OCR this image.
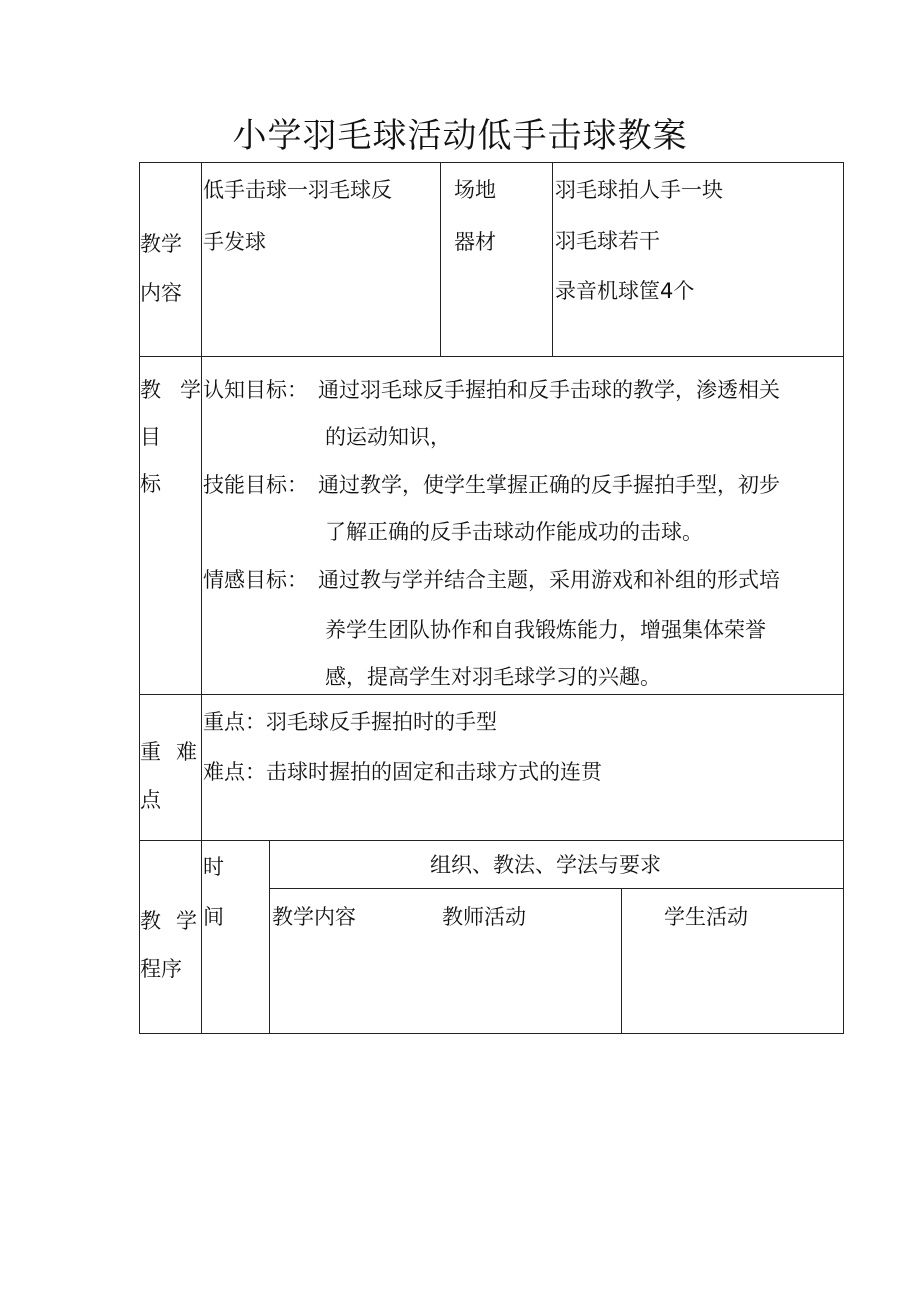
小学羽毛球活动低手击球教案
教学
内容
低手击球一羽毛球反
手发球
场地
器材
羽毛球拍人手一块
羽毛球若干
录音机球筐4个
教 学
目
标
认知目标： 通过羽毛球反手握拍和反手击球的教学，渗透相关
的运动知识，
技能目标： 通过教学，使学生掌握正确的反手握拍手型，初步
了解正确的反手击球动作能成功的击球。
情感目标： 通过教与学并结合主题，采用游戏和补组的形式培
养学生团队协作和自我锻炼能力，增强集体荣誉
感，提高学生对羽毛球学习的兴趣。
重 难
点
重点：羽毛球反手握拍时的手型
难点：击球时握拍的固定和击球方式的连贯
教 学
程序
时
间
组织、教法、学法与要求
教学内容	教师活动	学生活动
